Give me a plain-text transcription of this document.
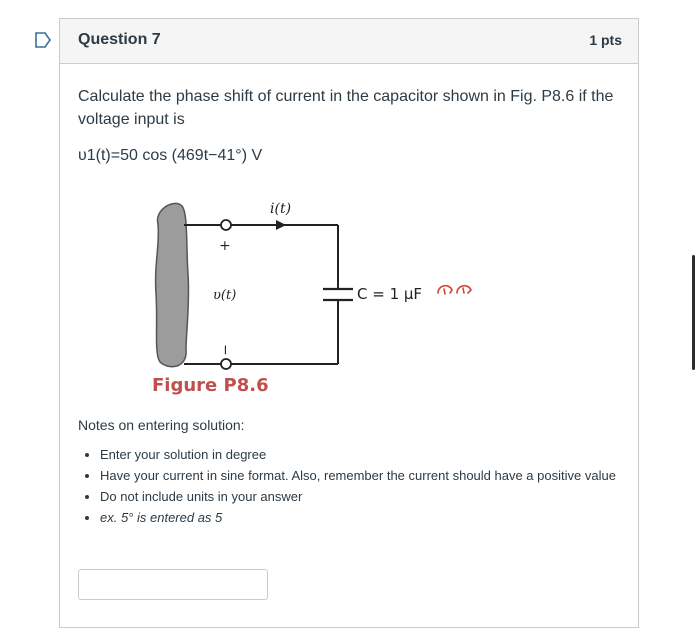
Question 7	1 pts
Calculate the phase shift of current in the capacitor shown in Fig. P8.6 if the voltage input is
υ1(t)=50 cos (469t−41°) V
i(t)
+
υ(t)
−
C = 1 μF
Figure P8.6
Notes on entering solution:
• Enter your solution in degree
• Have your current in sine format. Also, remember the current should have a positive value
• Do not include units in your answer
• ex. 5° is entered as 5
